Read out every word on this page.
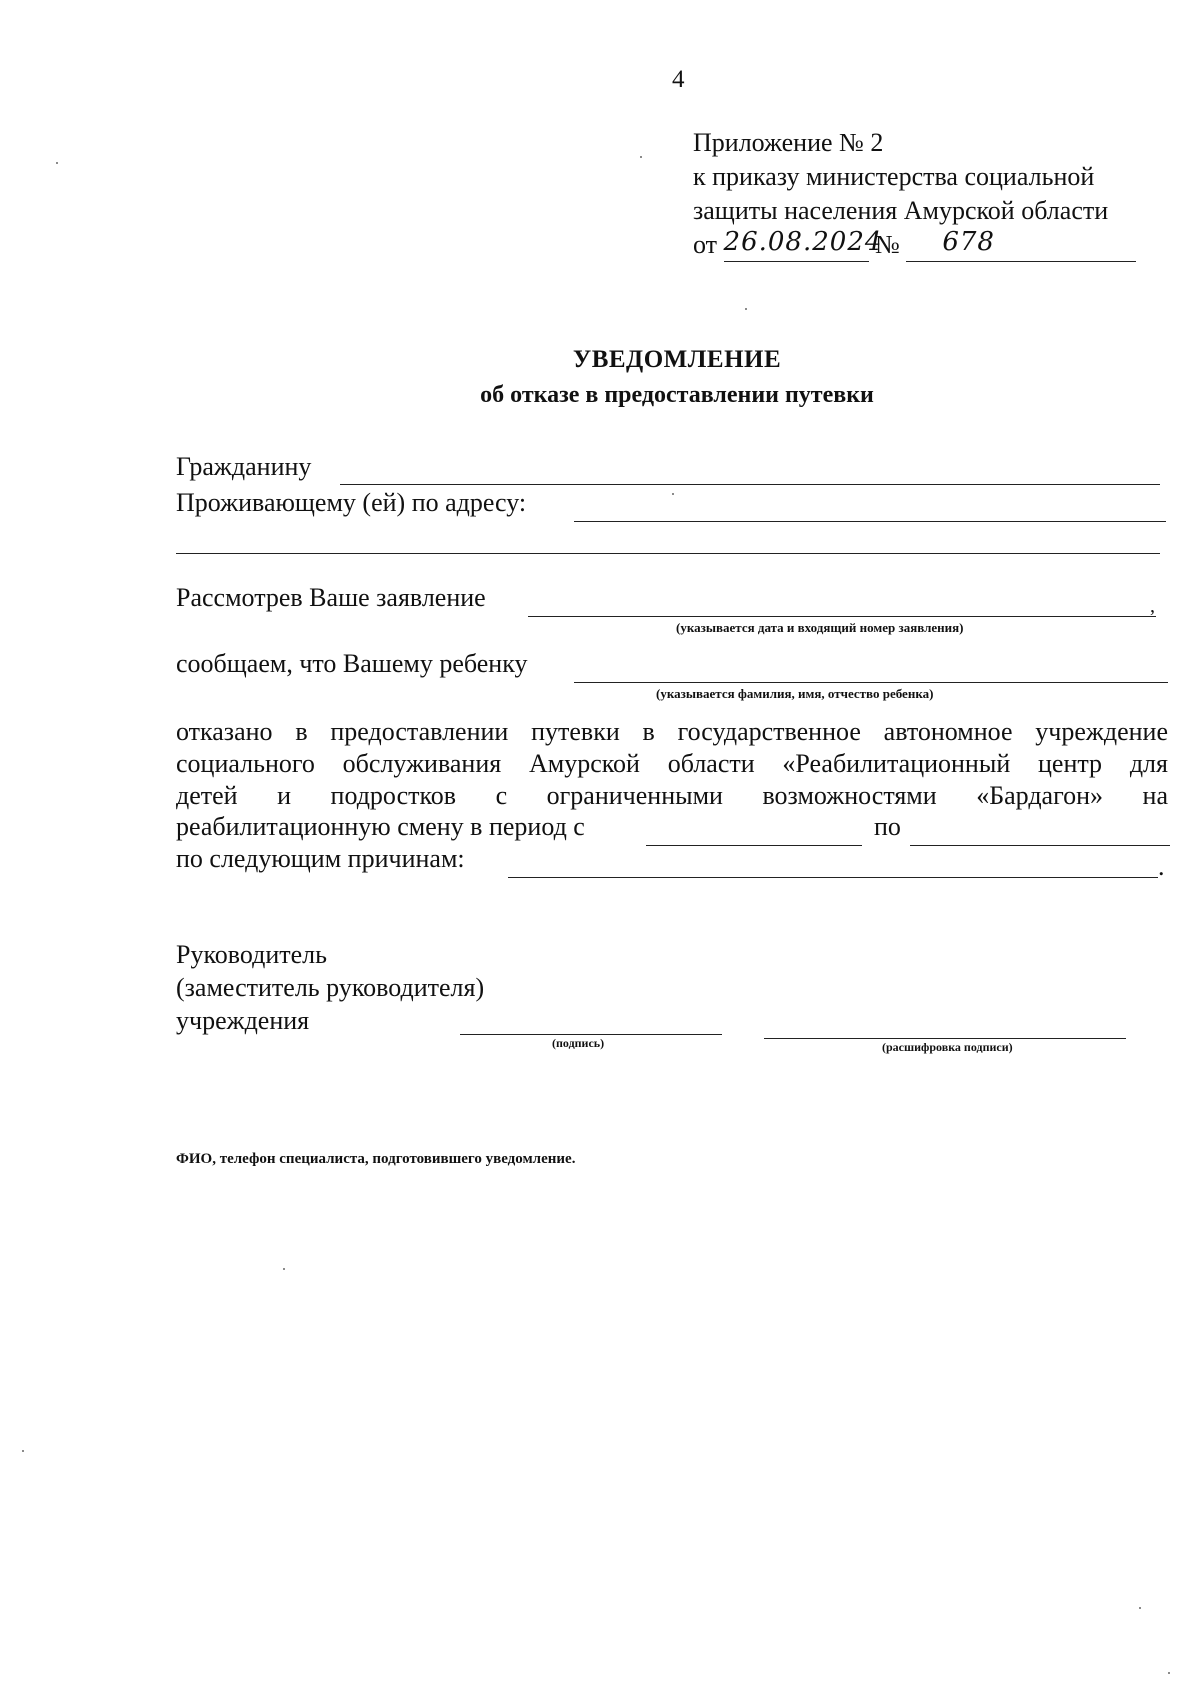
4
Приложение № 2
к приказу министерства социальной
защиты населения Амурской области
от 26.08.2024
№ 678
УВЕДОМЛЕНИЕ
об отказе в предоставлении путевки
Гражданину
Проживающему (ей) по адресу:
Рассмотрев Ваше заявление	,
(указывается дата и входящий номер заявления)
сообщаем, что Вашему ребенку
(указывается фамилия, имя, отчество ребенка)
отказано в предоставлении путевки в государственное автономное учреждение
социального обслуживания Амурской области «Реабилитационный центр для
детей и подростков с ограниченными возможностями «Бардагон» на
реабилитационную смену в период с	по
по следующим причинам:	.
Руководитель
(заместитель руководителя)
учреждения
(подпись)	(расшифровка подписи)
ФИО, телефон специалиста, подготовившего уведомление.
